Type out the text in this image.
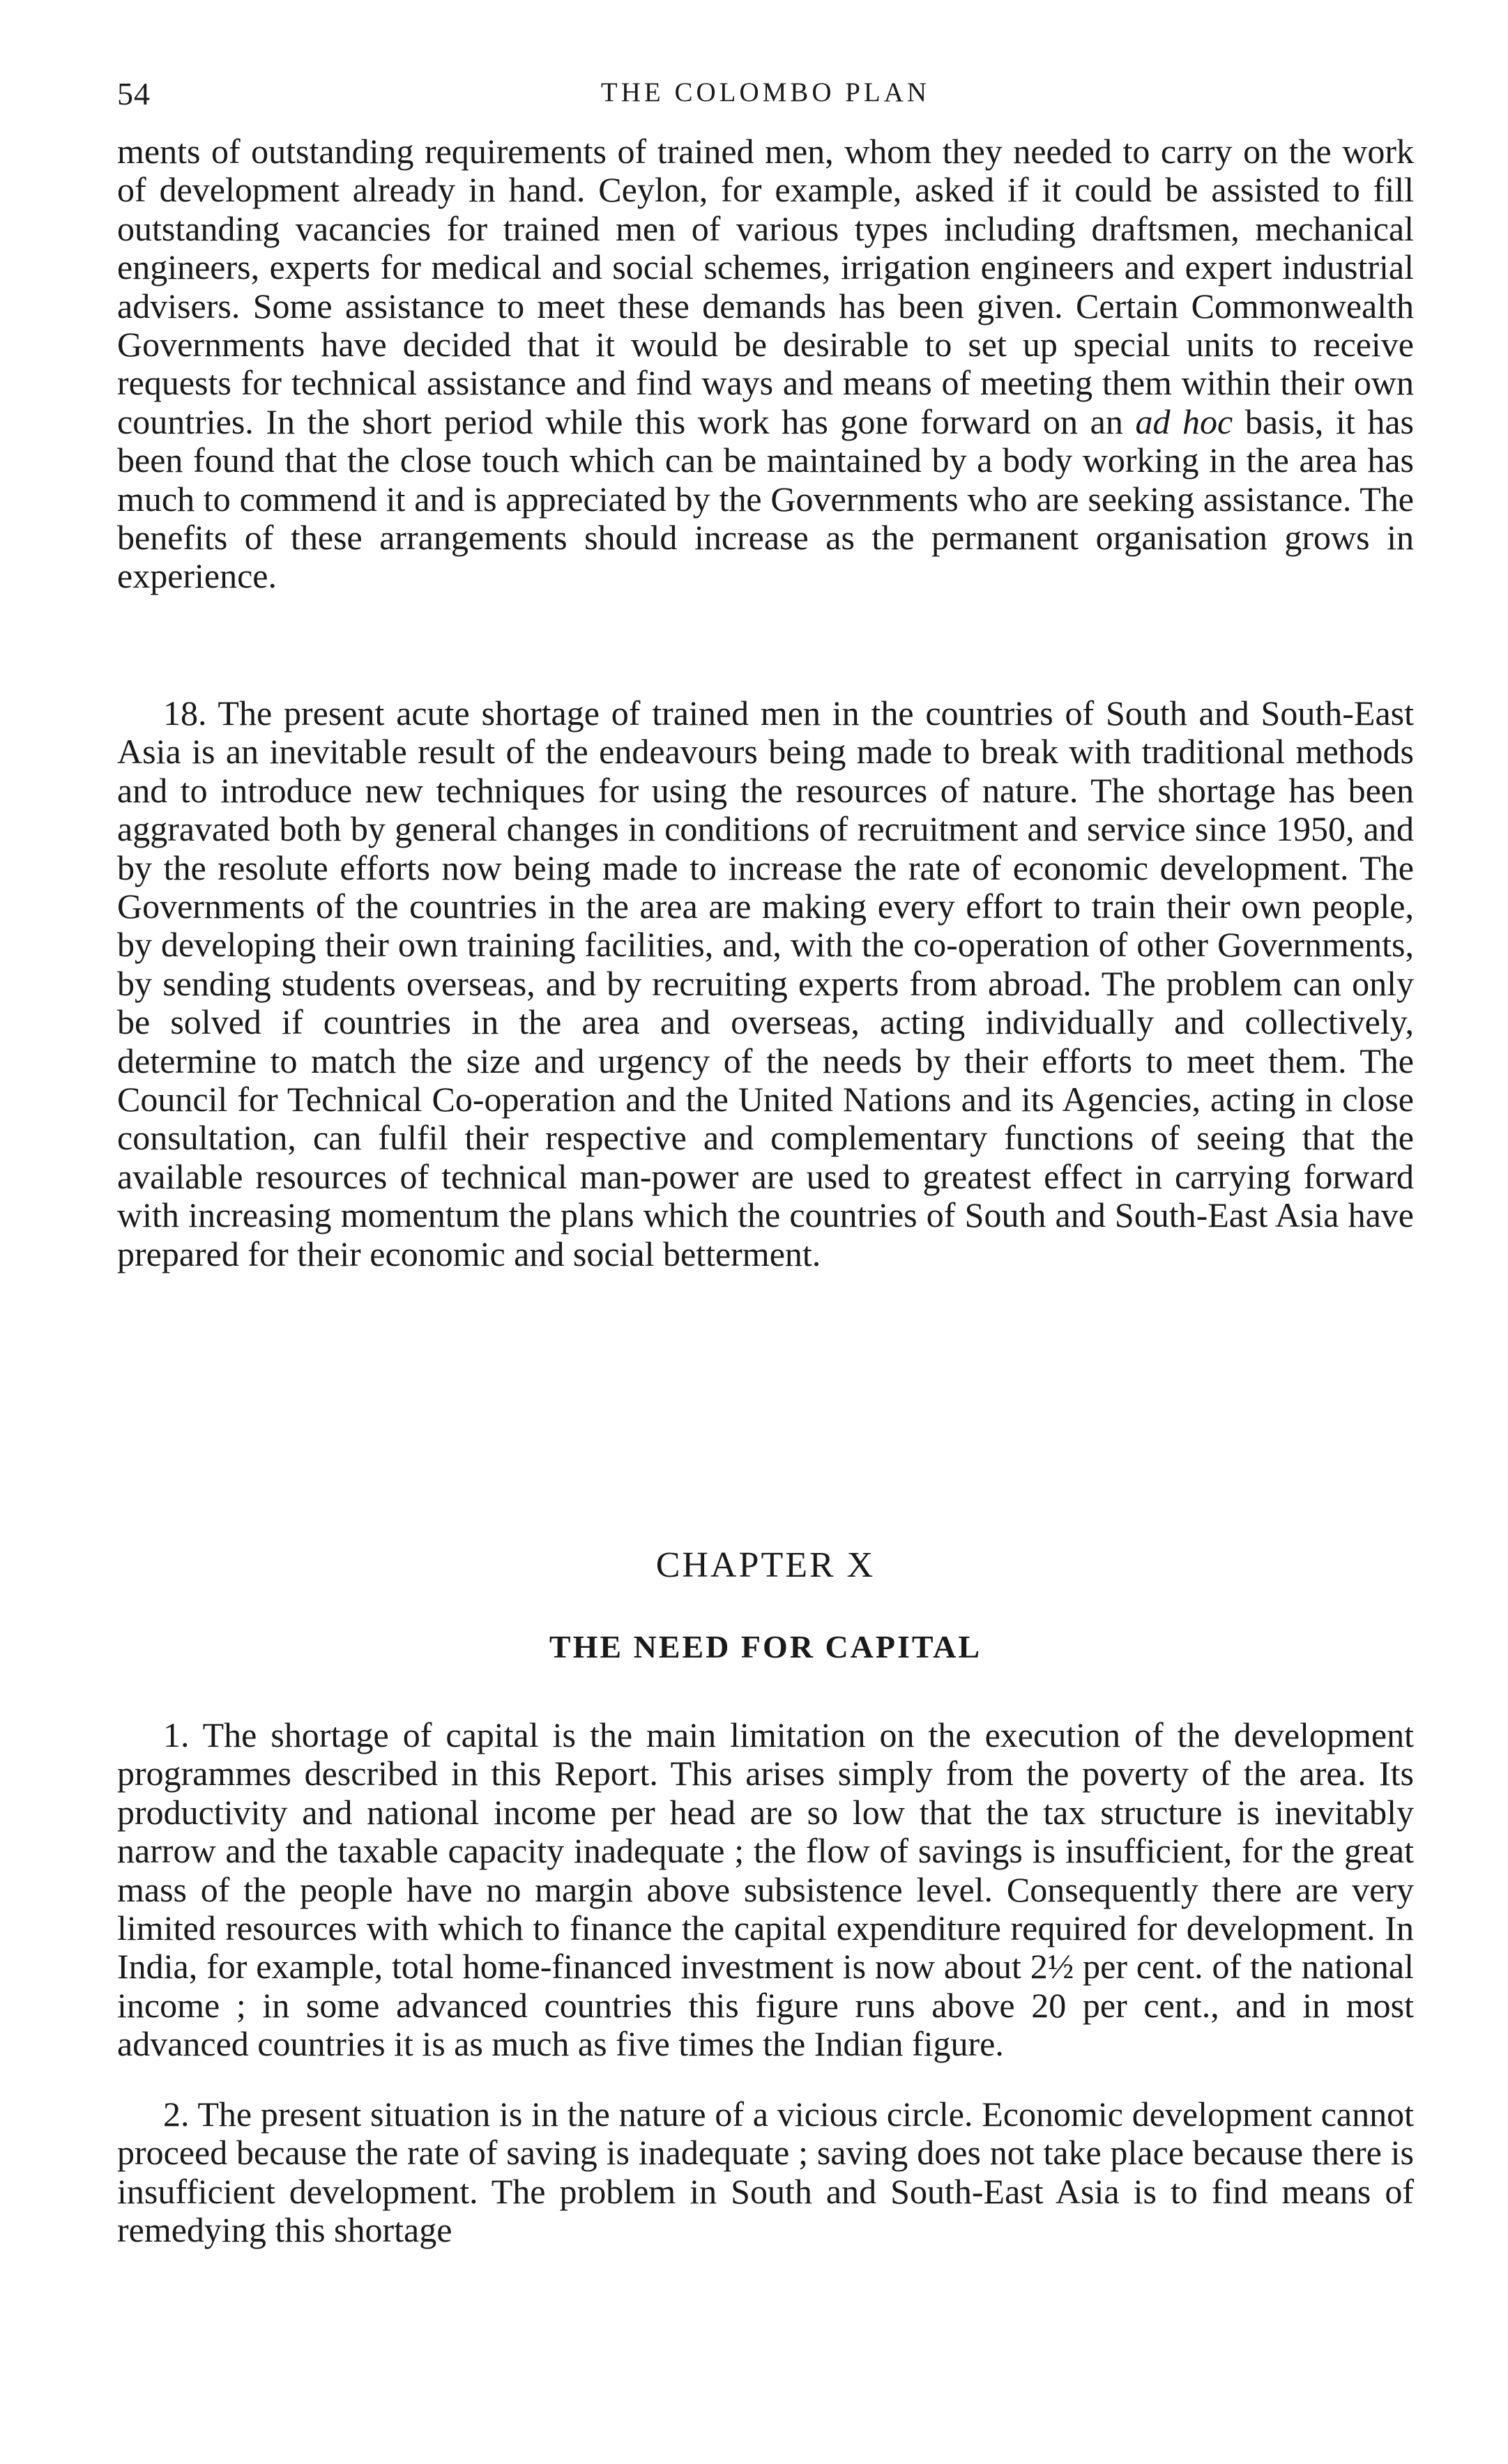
54	THE COLOMBO PLAN

ments of outstanding requirements of trained men, whom they needed to carry on the work of development already in hand. Ceylon, for example, asked if it could be assisted to fill outstanding vacancies for trained men of various types including draftsmen, mechanical engineers, experts for medical and social schemes, irrigation engineers and expert industrial advisers. Some assistance to meet these demands has been given. Certain Commonwealth Governments have decided that it would be desirable to set up special units to receive requests for technical assistance and find ways and means of meeting them within their own countries. In the short period while this work has gone forward on an ad hoc basis, it has been found that the close touch which can be maintained by a body working in the area has much to commend it and is appreciated by the Governments who are seeking assistance. The benefits of these arrangements should increase as the permanent organisation grows in experience.

18. The present acute shortage of trained men in the countries of South and South-East Asia is an inevitable result of the endeavours being made to break with traditional methods and to introduce new techniques for using the resources of nature. The shortage has been aggravated both by general changes in conditions of recruitment and service since 1950, and by the resolute efforts now being made to increase the rate of economic development. The Governments of the countries in the area are making every effort to train their own people, by developing their own training facilities, and, with the co-operation of other Governments, by sending students overseas, and by recruiting experts from abroad. The problem can only be solved if countries in the area and overseas, acting individually and collectively, determine to match the size and urgency of the needs by their efforts to meet them. The Council for Technical Co-operation and the United Nations and its Agencies, acting in close consultation, can fulfil their respective and complementary functions of seeing that the available resources of technical man-power are used to greatest effect in carrying forward with increasing momentum the plans which the countries of South and South-East Asia have prepared for their economic and social betterment.

CHAPTER X
THE NEED FOR CAPITAL

1. The shortage of capital is the main limitation on the execution of the development programmes described in this Report. This arises simply from the poverty of the area. Its productivity and national income per head are so low that the tax structure is inevitably narrow and the taxable capacity inadequate ; the flow of savings is insufficient, for the great mass of the people have no margin above subsistence level. Consequently there are very limited resources with which to finance the capital expenditure required for development. In India, for example, total home-financed investment is now about 2½ per cent. of the national income ; in some advanced countries this figure runs above 20 per cent., and in most advanced countries it is as much as five times the Indian figure.

2. The present situation is in the nature of a vicious circle. Economic development cannot proceed because the rate of saving is inadequate ; saving does not take place because there is insufficient development. The problem in South and South-East Asia is to find means of remedying this shortage
